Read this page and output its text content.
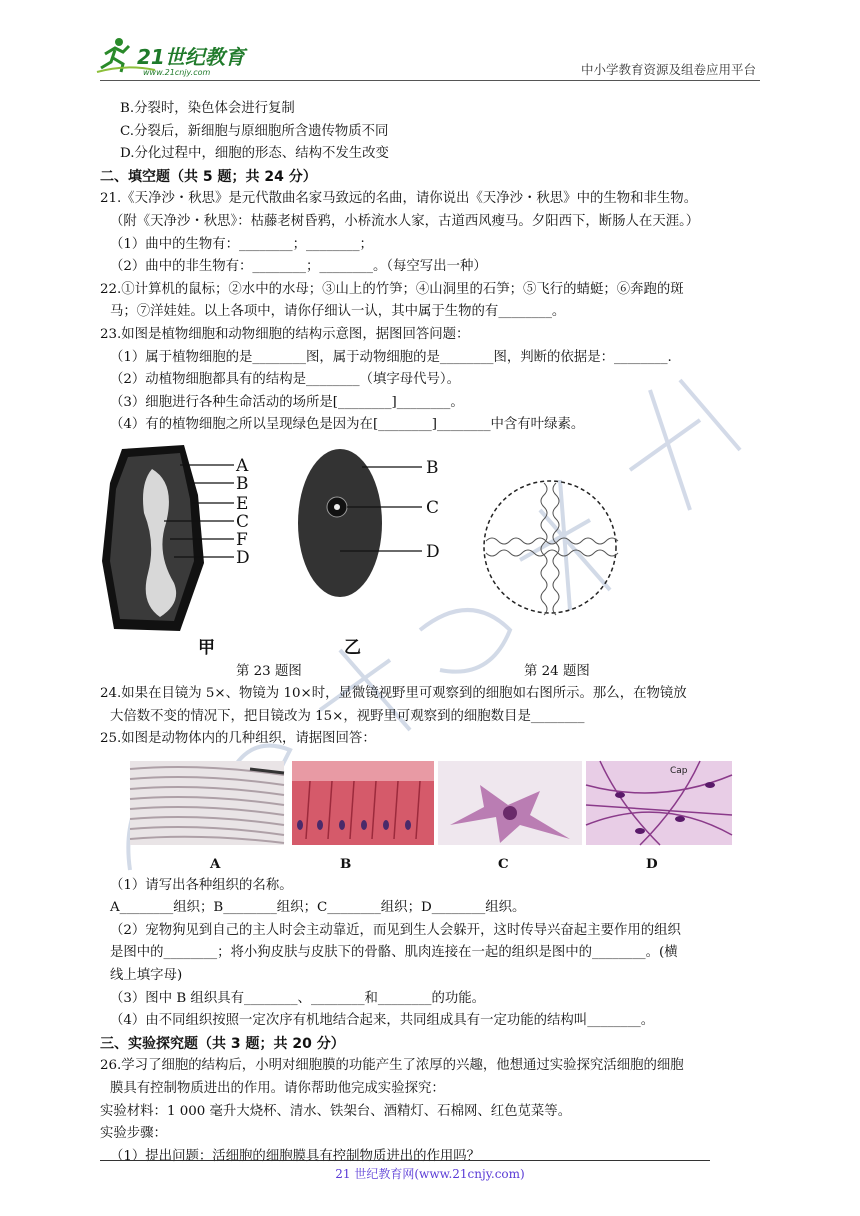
21世纪教育
www.21cnjy.com	中小学教育资源及组卷应用平台
B.分裂时，染色体会进行复制
C.分裂后，新细胞与原细胞所含遗传物质不同
D.分化过程中，细胞的形态、结构不发生改变
二、填空题（共 5 题；共 24 分）
21.《天净沙・秋思》是元代散曲名家马致远的名曲，请你说出《天净沙・秋思》中的生物和非生物。
（附《天净沙・秋思》：枯藤老树昏鸦，小桥流水人家，古道西风瘦马。夕阳西下，断肠人在天涯。）
（1）曲中的生物有：________；________；
（2）曲中的非生物有：________；________。（每空写出一种）
22.①计算机的鼠标；②水中的水母；③山上的竹笋；④山洞里的石笋；⑤飞行的蜻蜓；⑥奔跑的斑
马；⑦洋娃娃。以上各项中，请你仔细认一认，其中属于生物的有________。
23.如图是植物细胞和动物细胞的结构示意图，据图回答问题：
（1）属于植物细胞的是________图，属于动物细胞的是________图，判断的依据是：________.
（2）动植物细胞都具有的结构是________（填字母代号）。
（3）细胞进行各种生命活动的场所是[________]________。
（4）有的植物细胞之所以呈现绿色是因为在[________]________中含有叶绿素。
A
B
E
C
F
D
甲
B
C
D
乙
第 23 题图	第 24 题图
24.如果在目镜为 5×、物镜为 10×时，显微镜视野里可观察到的细胞如右图所示。那么，在物镜放
大倍数不变的情况下，把目镜改为 15×，视野里可观察到的细胞数目是________
25.如图是动物体内的几种组织，请据图回答：
Cap
A	B	C	D
（1）请写出各种组织的名称。
A________组织；B________组织；C________组织；D________组织。
（2）宠物狗见到自己的主人时会主动靠近，而见到生人会躲开，这时传导兴奋起主要作用的组织
是图中的________；将小狗皮肤与皮肤下的骨骼、肌肉连接在一起的组织是图中的________。(横
线上填字母)
（3）图中 B 组织具有________、________和________的功能。
（4）由不同组织按照一定次序有机地结合起来，共同组成具有一定功能的结构叫________。
三、实验探究题（共 3 题；共 20 分）
26.学习了细胞的结构后，小明对细胞膜的功能产生了浓厚的兴趣，他想通过实验探究活细胞的细胞
膜具有控制物质进出的作用。请你帮助他完成实验探究：
实验材料：1 000 毫升大烧杯、清水、铁架台、酒精灯、石棉网、红色苋菜等。
实验步骤：
（1）提出问题：活细胞的细胞膜具有控制物质进出的作用吗？
21 世纪教育网(www.21cnjy.com)
